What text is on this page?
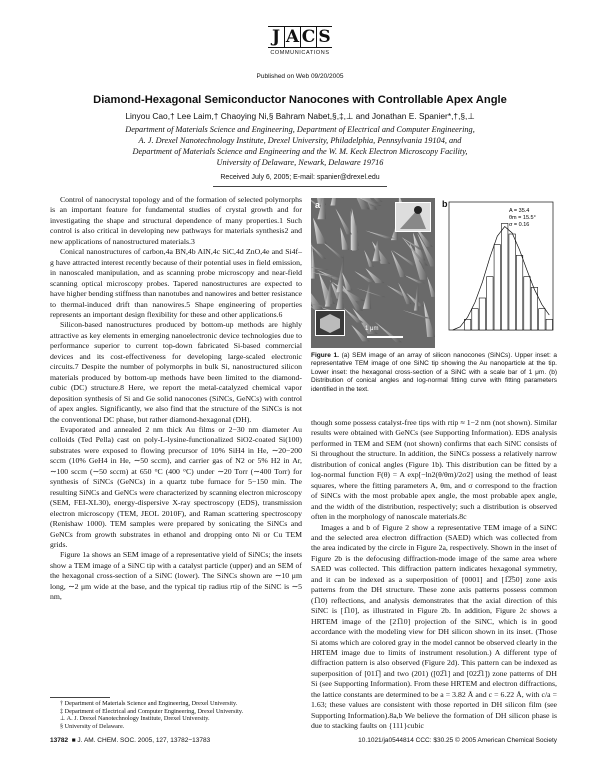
J A C S
COMMUNICATIONS
Published on Web 09/20/2005
Diamond-Hexagonal Semiconductor Nanocones with Controllable Apex Angle
Linyou Cao,† Lee Laim,† Chaoying Ni,§ Bahram Nabet,§,‡,⊥ and Jonathan E. Spanier*,†,§,⊥
Department of Materials Science and Engineering, Department of Electrical and Computer Engineering,
A. J. Drexel Nanotechnology Institute, Drexel University, Philadelphia, Pennsylvania 19104, and
Department of Materials Science and Engineering and the W. M. Keck Electron Microscopy Facility,
University of Delaware, Newark, Delaware 19716
Received July 6, 2005; E-mail: spanier@drexel.edu

Control of nanocrystal topology and of the formation of selected polymorphs is an important feature for fundamental studies of crystal growth and for investigating the shape and structural dependence of many properties.1 Such control is also critical in developing new pathways for materials synthesis2 and new applications of nanostructured materials.3

Conical nanostructures of carbon,4a BN,4b AlN,4c SiC,4d ZnO,4e and Si4f–g have attracted interest recently because of their potential uses in field emission, in nanoscaled manipulation, and as scanning probe microscopy and near-field scanning optical microscopy probes. Tapered nanostructures are expected to have higher bending stiffness than nanotubes and nanowires and better resistance to thermal-induced drift than nanowires.5 Shape engineering of properties represents an important design flexibility for these and other applications.6

Silicon-based nanostructures produced by bottom-up methods are highly attractive as key elements in emerging nanoelectronic device technologies due to performance superior to current top-down fabricated Si-based commercial devices and its cost-effectiveness for developing large-scaled electronic circuits.7 Despite the number of polymorphs in bulk Si, nanostructured silicon materials produced by bottom-up methods have been limited to the diamond-cubic (DC) structure.8 Here, we report the metal-catalyzed chemical vapor deposition synthesis of Si and Ge solid nanocones (SiNCs, GeNCs) with control of apex angles. Significantly, we also find that the structure of the SiNCs is not the conventional DC phase, but rather diamond-hexagonal (DH).

Evaporated and annealed 2 nm thick Au films or 2−30 nm diameter Au colloids (Ted Pella) cast on poly-L-lysine-functionalized SiO2-coated Si(100) substrates were exposed to flowing precursor of 10% SiH4 in He, ∼20−200 sccm (10% GeH4 in He, ∼50 sccm), and carrier gas of N2 or 5% H2 in Ar, ∼100 sccm (∼50 sccm) at 650 °C (400 °C) under ∼20 Torr (∼400 Torr) for synthesis of SiNCs (GeNCs) in a quartz tube furnace for 5−150 min. The resulting SiNCs and GeNCs were characterized by scanning electron microscopy (SEM, FEI-XL30), energy-dispersive X-ray spectroscopy (EDS), transmission electron microscopy (TEM, JEOL 2010F), and Raman scattering spectroscopy (Renishaw 1000). TEM samples were prepared by sonicating the SiNCs and GeNCs from growth substrates in ethanol and dropping onto Ni or Cu TEM grids.

Figure 1a shows an SEM image of a representative yield of SiNCs; the insets show a TEM image of a SiNC tip with a catalyst particle (upper) and an SEM of the hexagonal cross-section of a SiNC (lower). The SiNCs shown are ∼10 μm long, ∼2 μm wide at the base, and the typical tip radius rtip of the SiNC is ∼5 nm,

a
1 μm
A = 35.4
θm = 15.5°
σ = 0.16
b
Figure 1. (a) SEM image of an array of silicon nanocones (SiNCs). Upper inset: a representative TEM image of one SiNC tip showing the Au nanoparticle at the tip. Lower inset: the hexagonal cross-section of a SiNC with a scale bar of 1 μm. (b) Distribution of conical angles and log-normal fitting curve with fitting parameters identified in the text.

though some possess catalyst-free tips with rtip ≈ 1−2 nm (not shown). Similar results were obtained with GeNCs (see Supporting Information). EDS analysis performed in TEM and SEM (not shown) confirms that each SiNC consists of Si throughout the structure. In addition, the SiNCs possess a relatively narrow distribution of conical angles (Figure 1b). This distribution can be fitted by a log-normal function F(θ) = A exp[−ln2(θ/θm)/2σ2] using the method of least squares, where the fitting parameters A, θm, and σ correspond to the fraction of SiNCs with the most probable apex angle, the most probable apex angle, and the width of the distribution, respectively; such a distribution is observed often in the morphology of nanoscale materials.8c

Images a and b of Figure 2 show a representative TEM image of a SiNC and the selected area electron diffraction (SAED) which was collected from the area indicated by the circle in Figure 2a, respectively. Shown in the inset of Figure 2b is the defocusing diffraction-mode image of the same area where SAED was collected. This diffraction pattern indicates hexagonal symmetry, and it can be indexed as a superposition of [0001] and [1̅2̅50] zone axis patterns from the DH structure. These zone axis patterns possess common (1̅10) reflections, and analysis demonstrates that the axial direction of this SiNC is [1̅10], as illustrated in Figure 2b. In addition, Figure 2c shows a HRTEM image of the [21̅10] projection of the SiNC, which is in good accordance with the modeling view for DH silicon shown in its inset. (Those Si atoms which are colored gray in the model cannot be observed clearly in the HRTEM image due to limits of instrument resolution.) A different type of diffraction pattern is also observed (Figure 2d). This pattern can be indexed as superposition of [011̅] and two (201) ([02̅1] and [022̅1]) zone patterns of DH Si (see Supporting Information). From these HRTEM and electron diffractions, the lattice constants are determined to be a = 3.82 Å and c = 6.22 Å, with c/a = 1.63; these values are consistent with those reported in DH silicon film (see Supporting Information).8a,b We believe the formation of DH silicon phase is due to stacking faults on {111}cubic

† Department of Materials Science and Engineering, Drexel University.
‡ Department of Electrical and Computer Engineering, Drexel University.
⊥ A. J. Drexel Nanotechnology Institute, Drexel University.
§ University of Delaware.
13782 ■ J. AM. CHEM. SOC. 2005, 127, 13782−13783	10.1021/ja0544814 CCC: $30.25 © 2005 American Chemical Society
